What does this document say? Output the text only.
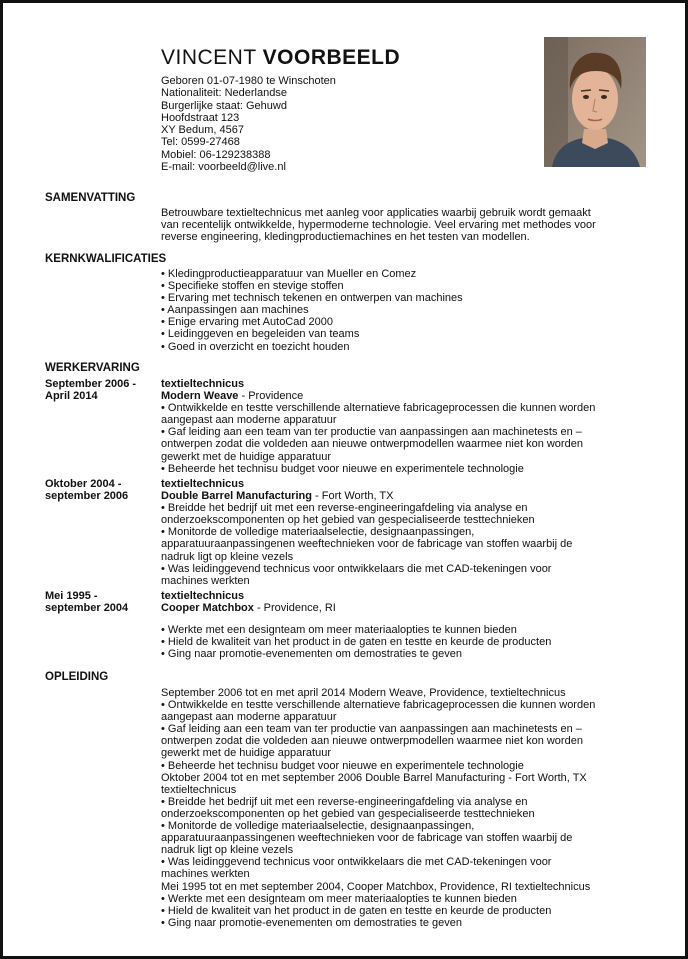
VINCENT VOORBEELD

Geboren 01-07-1980 te Winschoten

Nationaliteit: Nederlandse

Burgerlijke staat: Gehuwd

Hoofdstraat 123

XY Bedum, 4567

Tel: 0599-27468

Mobiel: 06-129238388

E-mail: voorbeeld@live.nl

SAMENVATTING

Betrouwbare textieltechnicus met aanleg voor applicaties waarbij gebruik wordt gemaakt

van recentelijk ontwikkelde, hypermoderne technologie. Veel ervaring met methodes voor

reverse engineering, kledingproductiemachines en het testen van modellen.

KERNKWALIFICATIES
• Kledingproductieapparatuur van Mueller en Comez
• Specifieke stoffen en stevige stoffen
• Ervaring met technisch tekenen en ontwerpen van machines
• Aanpassingen aan machines
• Enige ervaring met AutoCad 2000
• Leidinggeven en begeleiden van teams
• Goed in overzicht en toezicht houden
WERKERVARING
September 2006 -
April 2014

textieltechnicus

Modern Weave - Providence

• Ontwikkelde en testte verschillende alternatieve fabricageprocessen die kunnen worden

aangepast aan moderne apparatuur

• Gaf leiding aan een team van ter productie van aanpassingen aan machinetests en –

ontwerpen zodat die voldeden aan nieuwe ontwerpmodellen waarmee niet kon worden

gewerkt met de huidige apparatuur

• Beheerde het technisu budget voor nieuwe en experimentele technologie

Oktober 2004 -
september 2006

textieltechnicus

Double Barrel Manufacturing - Fort Worth, TX

• Breidde het bedrijf uit met een reverse-engineeringafdeling via analyse en

onderzoekscomponenten op het gebied van gespecialiseerde testtechnieken

• Monitorde de volledige materiaalselectie, designaanpassingen,

apparatuuraanpassingenen weeftechnieken voor de fabricage van stoffen waarbij de

nadruk ligt op kleine vezels

• Was leidinggevend technicus voor ontwikkelaars die met CAD-tekeningen voor

machines werkten

Mei 1995 -
september 2004

textieltechnicus

Cooper Matchbox - Providence, RI

• Werkte met een designteam om meer materiaalopties te kunnen bieden

• Hield de kwaliteit van het product in de gaten en testte en keurde de producten

• Ging naar promotie-evenementen om demostraties te geven

OPLEIDING

September 2006 tot en met april 2014 Modern Weave, Providence, textieltechnicus

• Ontwikkelde en testte verschillende alternatieve fabricageprocessen die kunnen worden

aangepast aan moderne apparatuur

• Gaf leiding aan een team van ter productie van aanpassingen aan machinetests en –

ontwerpen zodat die voldeden aan nieuwe ontwerpmodellen waarmee niet kon worden

gewerkt met de huidige apparatuur

• Beheerde het technisu budget voor nieuwe en experimentele technologie

Oktober 2004 tot en met september 2006 Double Barrel Manufacturing - Fort Worth, TX

textieltechnicus

• Breidde het bedrijf uit met een reverse-engineeringafdeling via analyse en

onderzoekscomponenten op het gebied van gespecialiseerde testtechnieken

• Monitorde de volledige materiaalselectie, designaanpassingen,

apparatuuraanpassingenen weeftechnieken voor de fabricage van stoffen waarbij de

nadruk ligt op kleine vezels

• Was leidinggevend technicus voor ontwikkelaars die met CAD-tekeningen voor

machines werkten

Mei 1995 tot en met september 2004, Cooper Matchbox, Providence, RI textieltechnicus

• Werkte met een designteam om meer materiaalopties te kunnen bieden

• Hield de kwaliteit van het product in de gaten en testte en keurde de producten

• Ging naar promotie-evenementen om demostraties te geven
